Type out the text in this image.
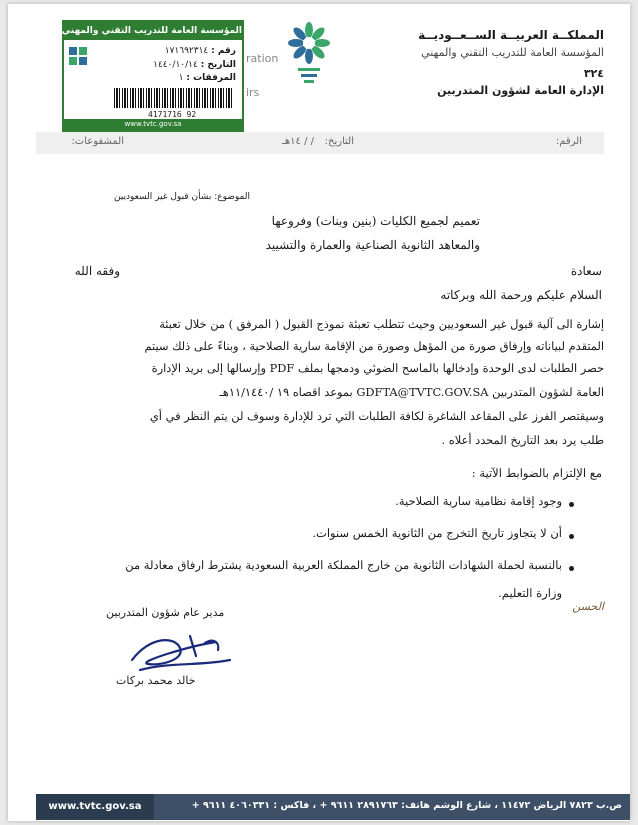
المملكــة العربيــة الســعــوديــة
المؤسسة العامة للتدريب التقني والمهني
٣٢٤
الإدارة العامة لشؤون المتدربين
ration
irs
المؤسسة العامة للتدريب التقني والمهني
رقم : ١٧١٦٩٢٣١٤
التاريخ : ١٤٤٠/١٠/١٤
المرفقات : ١
4171716 92
www.tvtc.gov.sa
الرقم:
التاريخ:
/ / ١٤هـ
المشفوعات:
الموضوع: بشأن قبول غير السعوديين
تعميم لجميع الكليات (بنين وبنات) وفروعها
والمعاهد الثانوية الصناعية والعمارة والتشييد
سعادة
وفقه الله
السلام عليكم ورحمة الله وبركاته
إشارة الى آلية قبول غير السعوديين وحيث تتطلب تعبئة نموذج القبول ( المرفق ) من خلال تعبئة
المتقدم لبياناته وإرفاق صورة من المؤهل وصورة من الإقامة سارية الصلاحية ، وبناءً على ذلك سيتم
حصر الطلبات لدى الوحدة وإدخالها بالماسح الضوئي ودمجها بملف PDF وإرسالها إلى بريد الإدارة
العامة لشؤون المتدربين GDFTA@TVTC.GOV.SA بموعد اقصاه ١٩ /١١/١٤٤٠هـ
وسيقتصر الفرز على المقاعد الشاغرة لكافة الطلبات التي ترد للإدارة وسوف لن يتم النظر في أي
طلب يرد بعد التاريخ المحدد أعلاه .
مع الإلتزام بالضوابط الآتية :
وجود إقامة نظامية سارية الصلاحية.
أن لا يتجاوز تاريخ التخرج من الثانوية الخمس سنوات.
بالنسبة لحملة الشهادات الثانوية من خارج المملكة العربية السعودية يشترط ارفاق معادلة من
وزارة التعليم.
الحسن
مدير عام شؤون المتدربين
خالد محمد بركات
www.tvtc.gov.sa	ص.ب ٧٨٢٣ الرياض ١١٤٧٢ ، شارع الوشم هاتف: ٢٨٩١٧٦٣ ٩٦١١ + ، فاكس : ٤٠٦٠٣٣١ ٩٦١١ +
